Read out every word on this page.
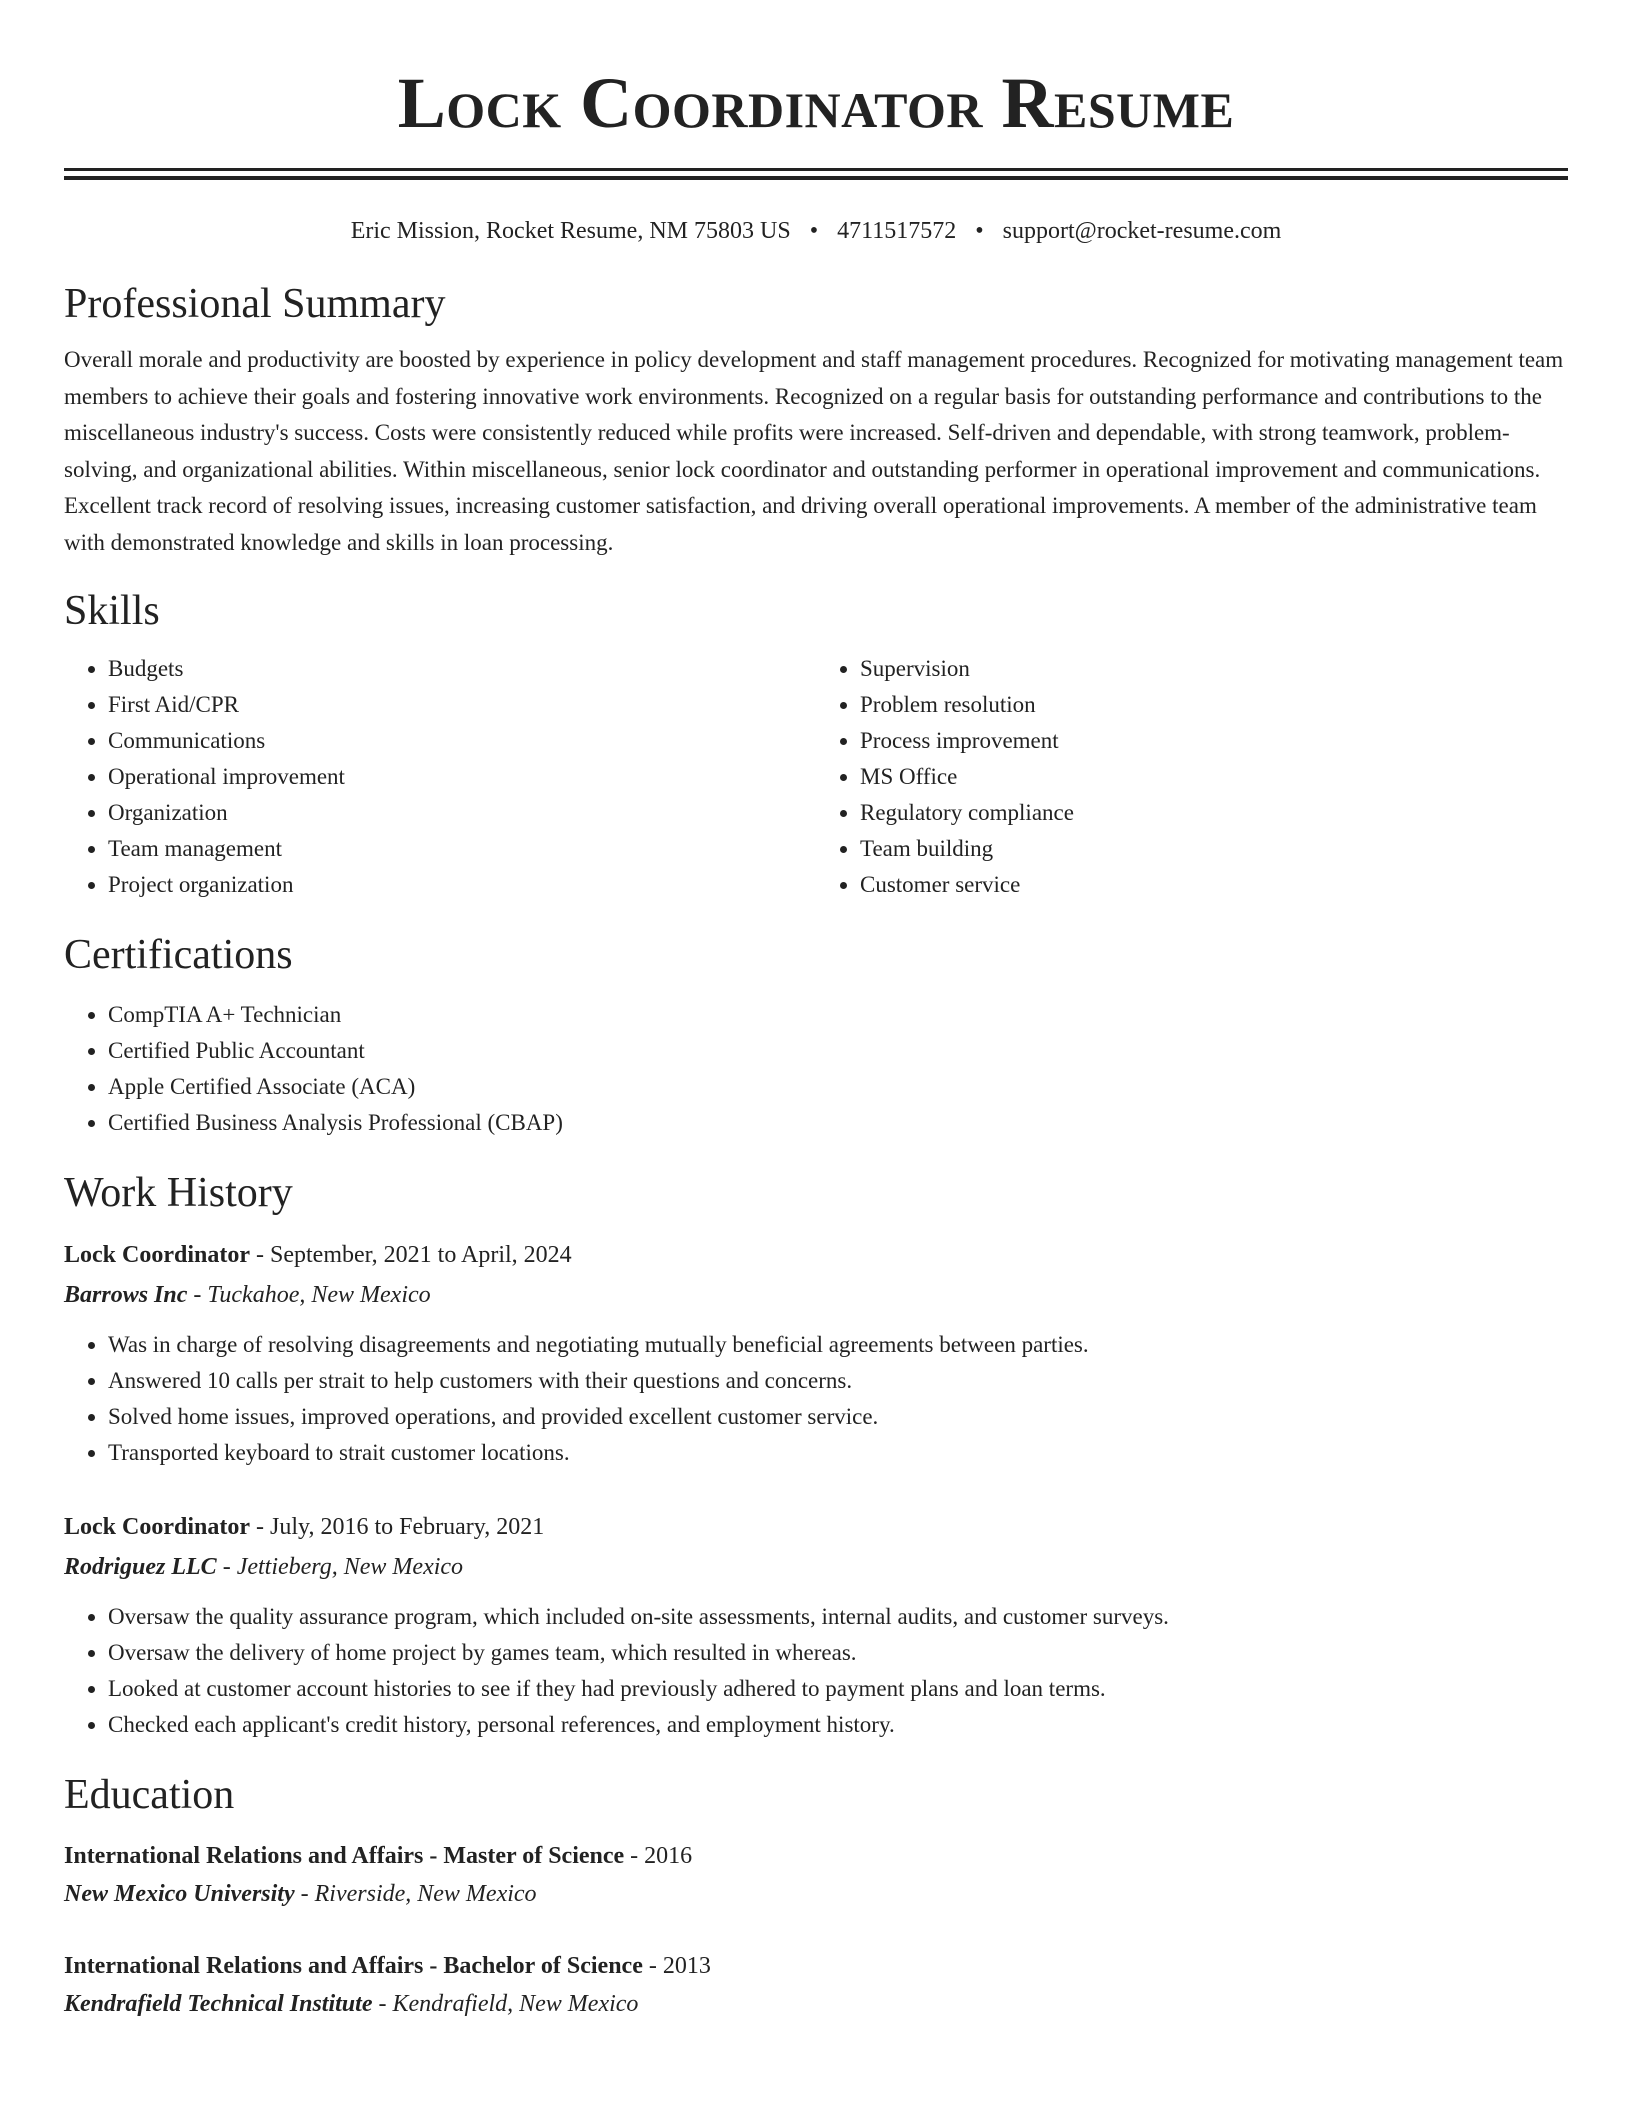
Lock Coordinator Resume
Eric Mission, Rocket Resume, NM 75803 US • 4711517572 • support@rocket-resume.com
Professional Summary

Overall morale and productivity are boosted by experience in policy development and staff management procedures. Recognized for motivating management team members to achieve their goals and fostering innovative work environments. Recognized on a regular basis for outstanding performance and contributions to the miscellaneous industry's success. Costs were consistently reduced while profits were increased. Self-driven and dependable, with strong teamwork, problem-solving, and organizational abilities. Within miscellaneous, senior lock coordinator and outstanding performer in operational improvement and communications. Excellent track record of resolving issues, increasing customer satisfaction, and driving overall operational improvements. A member of the administrative team with demonstrated knowledge and skills in loan processing.

Skills
• Budgets
• First Aid/CPR
• Communications
• Operational improvement
• Organization
• Team management
• Project organization
• Supervision
• Problem resolution
• Process improvement
• MS Office
• Regulatory compliance
• Team building
• Customer service
Certifications
• CompTIA A+ Technician
• Certified Public Accountant
• Apple Certified Associate (ACA)
• Certified Business Analysis Professional (CBAP)
Work History
Lock Coordinator - September, 2021 to April, 2024
Barrows Inc - Tuckahoe, New Mexico
• Was in charge of resolving disagreements and negotiating mutually beneficial agreements between parties.
• Answered 10 calls per strait to help customers with their questions and concerns.
• Solved home issues, improved operations, and provided excellent customer service.
• Transported keyboard to strait customer locations.
Lock Coordinator - July, 2016 to February, 2021
Rodriguez LLC - Jettieberg, New Mexico
• Oversaw the quality assurance program, which included on-site assessments, internal audits, and customer surveys.
• Oversaw the delivery of home project by games team, which resulted in whereas.
• Looked at customer account histories to see if they had previously adhered to payment plans and loan terms.
• Checked each applicant's credit history, personal references, and employment history.
Education
International Relations and Affairs - Master of Science - 2016
New Mexico University - Riverside, New Mexico
International Relations and Affairs - Bachelor of Science - 2013
Kendrafield Technical Institute - Kendrafield, New Mexico
